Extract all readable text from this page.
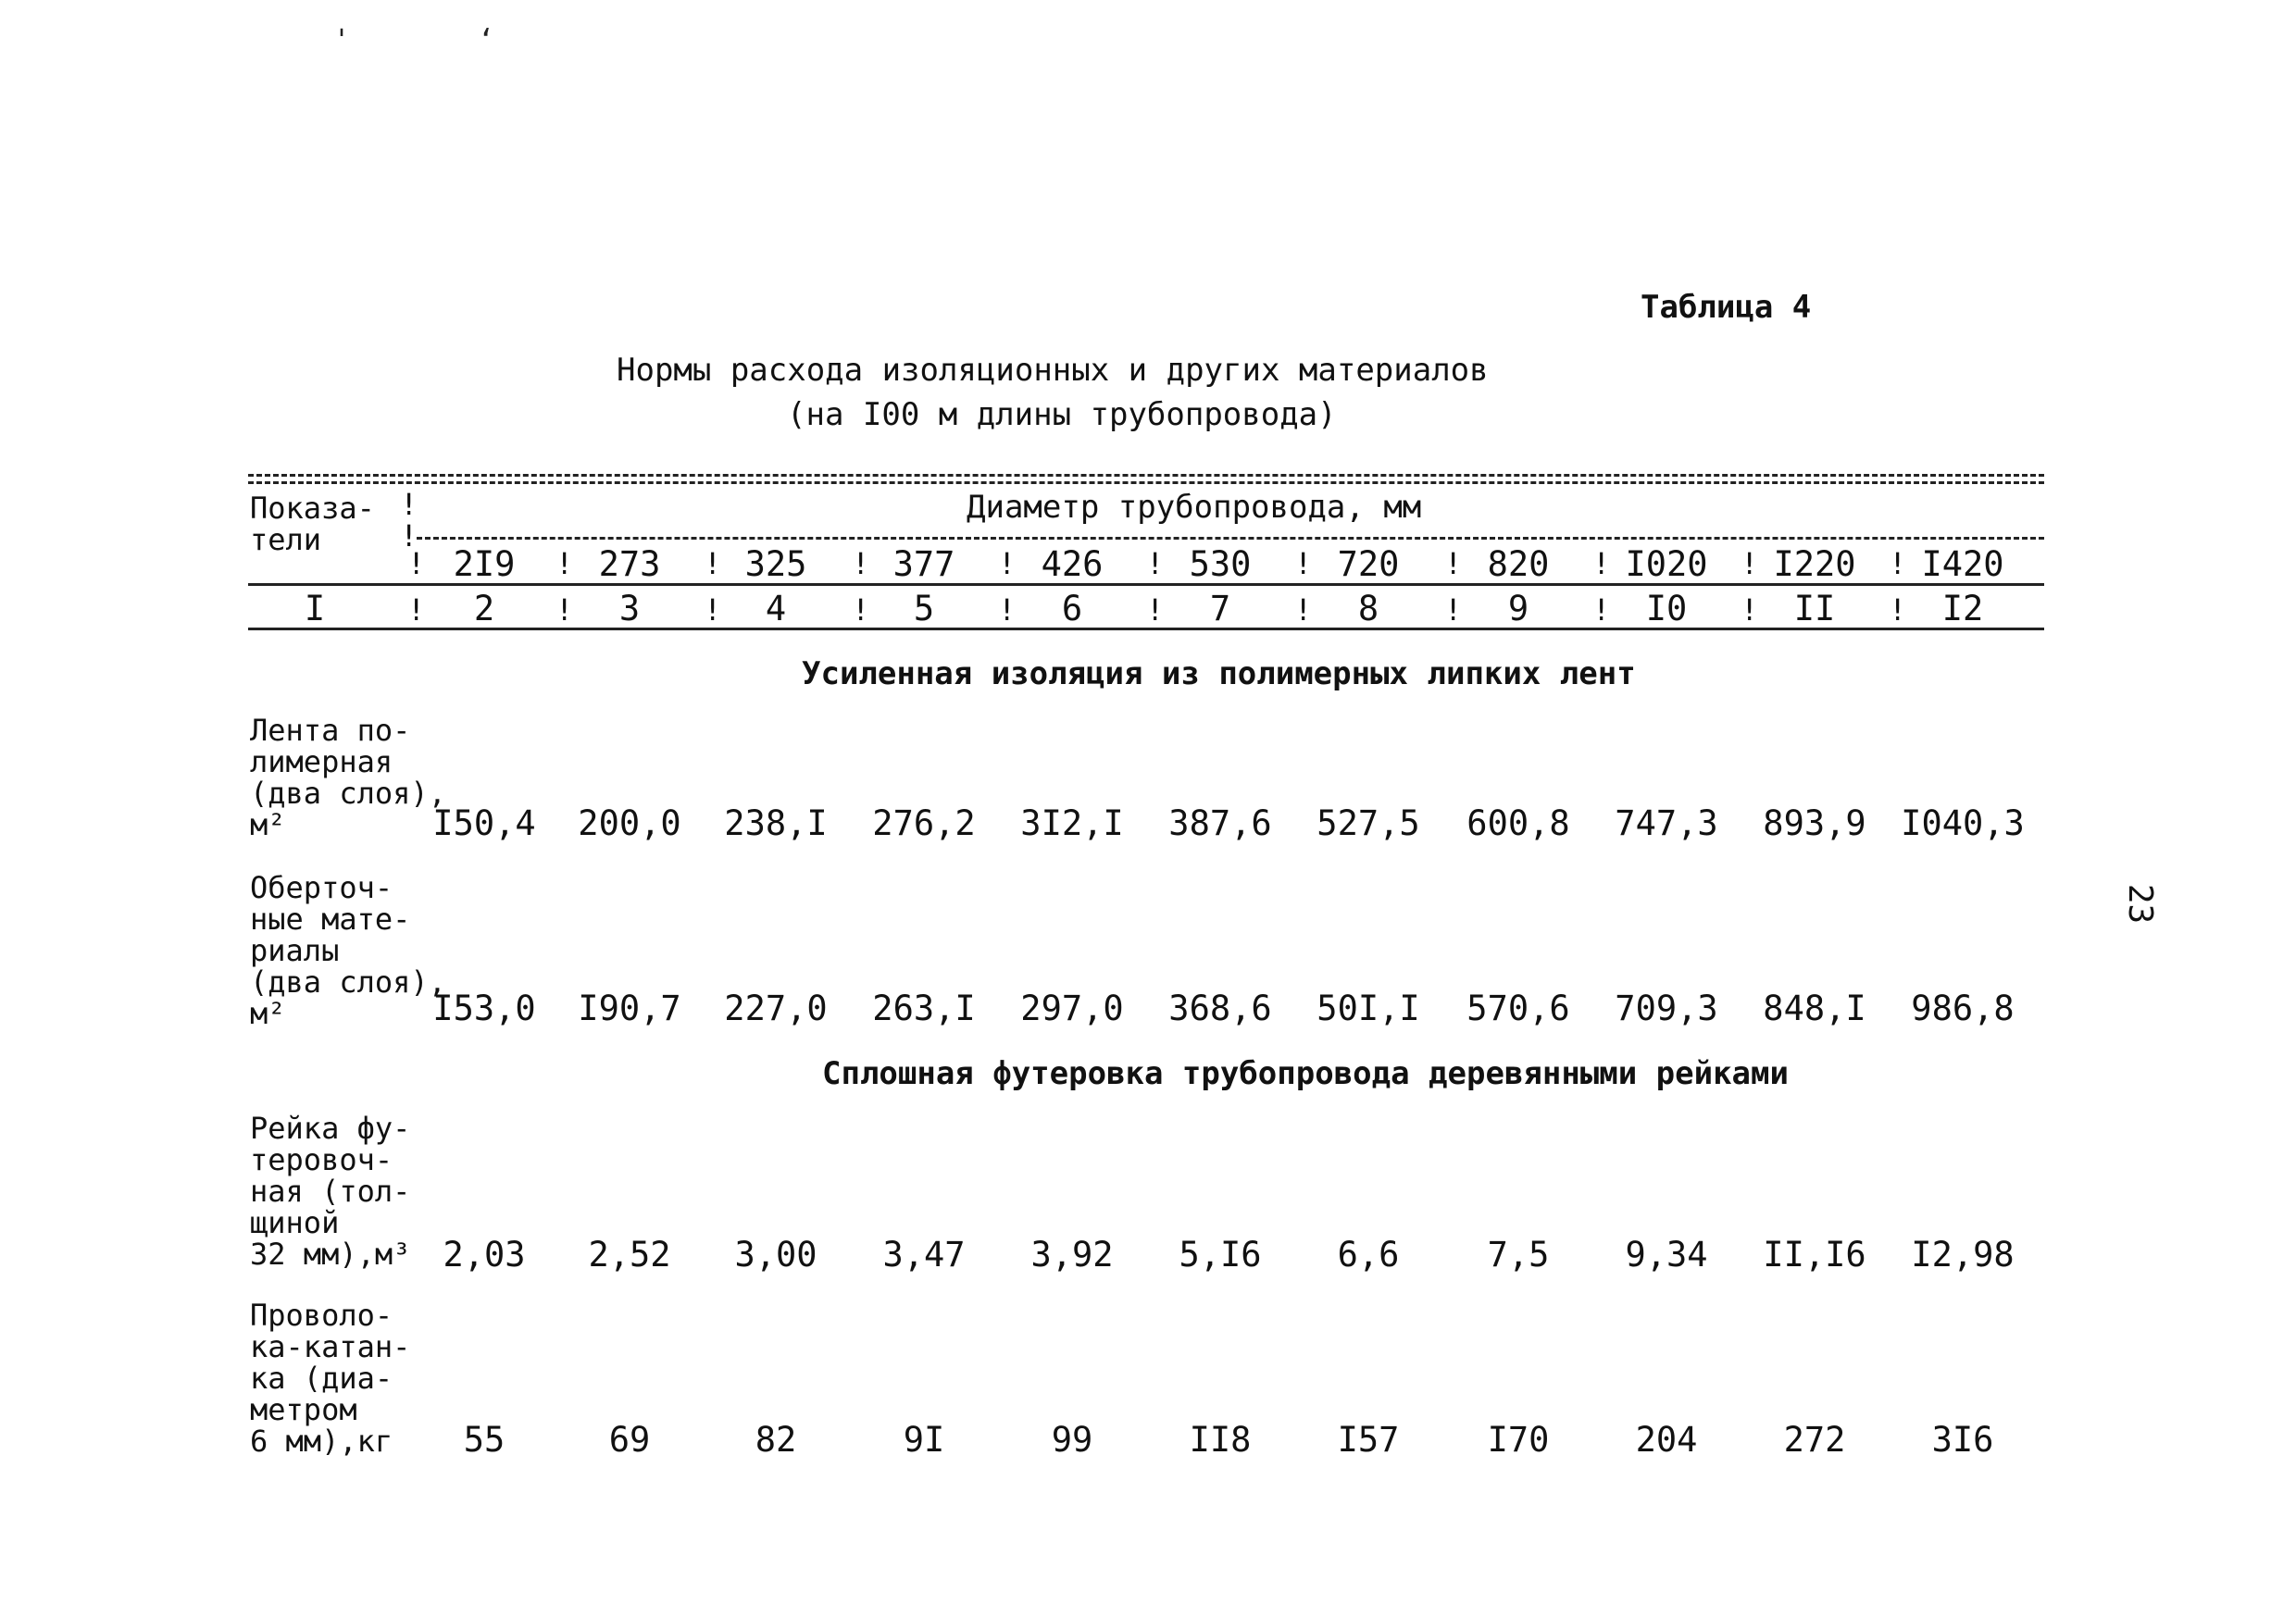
'	‘
Таблица 4
Нормы расхода изоляционных и других материалов
(на I00 м длины трубопровода)
Показа-
тели
Диаметр трубопровода, мм
!
!
2I9 273 325	377	426	530	720	820 I020 I220 I420
!	!	!	!	!	!	!	!	!	!	!
I	2	3	4	5	6	7	8	9	I0	II	I2
!	!	!	!	!	!	!	!	!	!	!
Усиленная изоляция из полимерных липких лент
Лента по-
лимерная
(два слоя),
м²	I50,4 200,0 238,I 276,2 3I2,I 387,6 527,5 600,8 747,3 893,9 I040,3
Оберточ-
ные мате-
риалы
(два слоя),
м²	I53,0 I90,7 227,0 263,I 297,0 368,6 50I,I 570,6 709,3 848,I 986,8
Сплошная футеровка трубопровода деревянными рейками
Рейка фу-
теровоч-
ная (тол-
щиной
32 мм),м³ 2,03 2,52 3,00 3,47 3,92 5,I6 6,6	7,5 9,34 II,I6 I2,98
Проволо-
ка-катан-
ка (диа-
метром
6 мм),кг	55	69	82	9I	99	II8	I57	I70	204	272	3I6
23
